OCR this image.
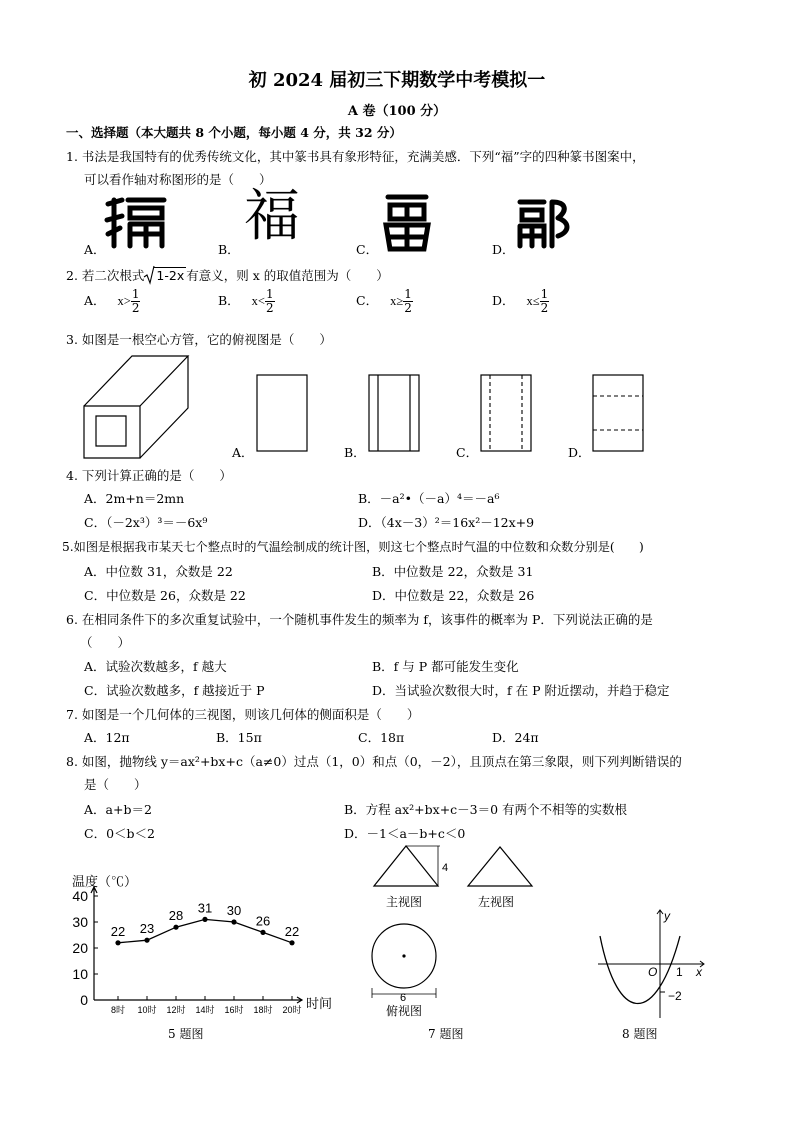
初 2024 届初三下期数学中考模拟一
A 卷（100 分）
一、选择题（本大题共 8 个小题，每小题 4 分，共 32 分）
1. 书法是我国特有的优秀传统文化，其中篆书具有象形特征，充满美感．下列“福”字的四种篆书图案中，
可以看作轴对称图形的是（　　）
福
A．	B．	C．	D．
2. 若二次根式 1-2x 有意义，则 x 的取值范围为（　　）
A． $x> \frac{1}{2}$	B． $x< \frac{1}{2}$	C． $x\ge \frac{1}{2}$	D． $x\le \frac{1}{2}$
3. 如图是一根空心方管，它的俯视图是（　　）
A．	B．	C．	D．
4. 下列计算正确的是（　　）
A．2m+n＝2mn	B．－a²•（－a）⁴＝－a⁶
C．（－2x³）³＝－6x⁹	D．（4x－3）²＝16x²－12x+9
5.如图是根据我市某天七个整点时的气温绘制成的统计图，则这七个整点时气温的中位数和众数分别是(　　)
A．中位数 31，众数是 22	B．中位数是 22，众数是 31
C．中位数是 26，众数是 22	D．中位数是 22，众数是 26
6. 在相同条件下的多次重复试验中，一个随机事件发生的频率为 f，该事件的概率为 P．下列说法正确的是
（　　）
A．试验次数越多，f 越大	B．f 与 P 都可能发生变化
C．试验次数越多，f 越接近于 P	D．当试验次数很大时，f 在 P 附近摆动，并趋于稳定
7. 如图是一个几何体的三视图，则该几何体的侧面积是（　　）
A．12π	B．15π	C．18π	D．24π
8. 如图，抛物线 y＝ax²+bx+c（a≠0）过点（1，0）和点（0，－2），且顶点在第三象限，则下列判断错误的
是（　　）
A．a+b＝2	B．方程 ax²+bx+c－3＝0 有两个不相等的实数根
C．0＜b＜2	D．－1＜a－b+c＜0
温度（℃）
时间
0
10
20
30
40
8时 10时 12时 14时 16时 18时 20时
22 23
28
31 30
26
22
5 题图
4
主视图	左视图
6
俯视图
7 题图
y
x
O 1
−2
8 题图
